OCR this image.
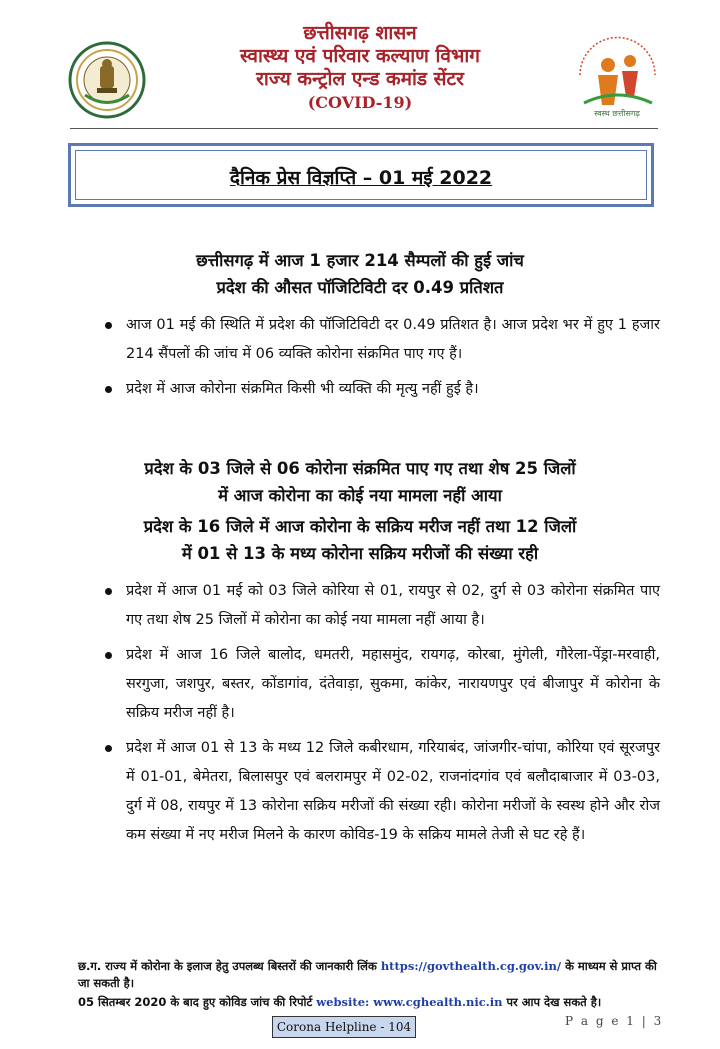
छत्तीसगढ़ शासन
स्वास्थ्य एवं परिवार कल्याण विभाग
राज्य कन्ट्रोल एन्ड कमांड सेंटर
(COVID-19)
स्वस्थ छत्तीसगढ़
दैनिक प्रेस विज्ञप्ति – 01 मई 2022
छत्तीसगढ़ में आज 1 हजार 214 सैम्पलों की हुई जांच
प्रदेश की औसत पॉजिटिविटी दर 0.49 प्रतिशत
आज 01 मई की स्थिति में प्रदेश की पॉजिटिविटी दर 0.49 प्रतिशत है। आज प्रदेश भर में हुए 1 हजार 214 सैंपलों की जांच में 06 व्यक्ति कोरोना संक्रमित पाए गए हैं।
प्रदेश में आज कोरोना संक्रमित किसी भी व्यक्ति की मृत्यु नहीं हुई है।
प्रदेश के 03 जिले से 06 कोरोना संक्रमित पाए गए तथा शेष 25 जिलों
में आज कोरोना का कोई नया मामला नहीं आया
प्रदेश के 16 जिले में आज कोरोना के सक्रिय मरीज नहीं तथा 12 जिलों
में 01 से 13 के मध्य कोरोना सक्रिय मरीजों की संख्या रही
प्रदेश में आज 01 मई को 03 जिले कोरिया से 01, रायपुर से 02, दुर्ग से 03 कोरोना संक्रमित पाए गए तथा शेष 25 जिलों में कोरोना का कोई नया मामला नहीं आया है।
प्रदेश में आज 16 जिले बालोद, धमतरी, महासमुंद, रायगढ़, कोरबा, मुंगेली, गौरेला-पेंड्रा-मरवाही, सरगुजा, जशपुर, बस्तर, कोंडागांव, दंतेवाड़ा, सुकमा, कांकेर, नारायणपुर एवं बीजापुर में कोरोना के सक्रिय मरीज नहीं है।
प्रदेश में आज 01 से 13 के मध्य 12 जिले कबीरधाम, गरियाबंद, जांजगीर-चांपा, कोरिया एवं सूरजपुर में 01-01, बेमेतरा, बिलासपुर एवं बलरामपुर में 02-02, राजनांदगांव एवं बलौदाबाजार में 03-03, दुर्ग में 08, रायपुर में 13 कोरोना सक्रिय मरीजों की संख्या रही। कोरोना मरीजों के स्वस्थ होने और रोज कम संख्या में नए मरीज मिलने के कारण कोविड-19 के सक्रिय मामले तेजी से घट रहे हैं।
छ.ग. राज्य में कोरोना के इलाज हेतु उपलब्ध बिस्तरों की जानकारी लिंक https://govthealth.cg.gov.in/ के माध्यम से प्राप्त की जा सकती है।
05 सितम्बर 2020 के बाद हुए कोविड जांच की रिपोर्ट website: www.cghealth.nic.in पर आप देख सकते है।
Corona Helpline - 104	P a g e 1 | 3
